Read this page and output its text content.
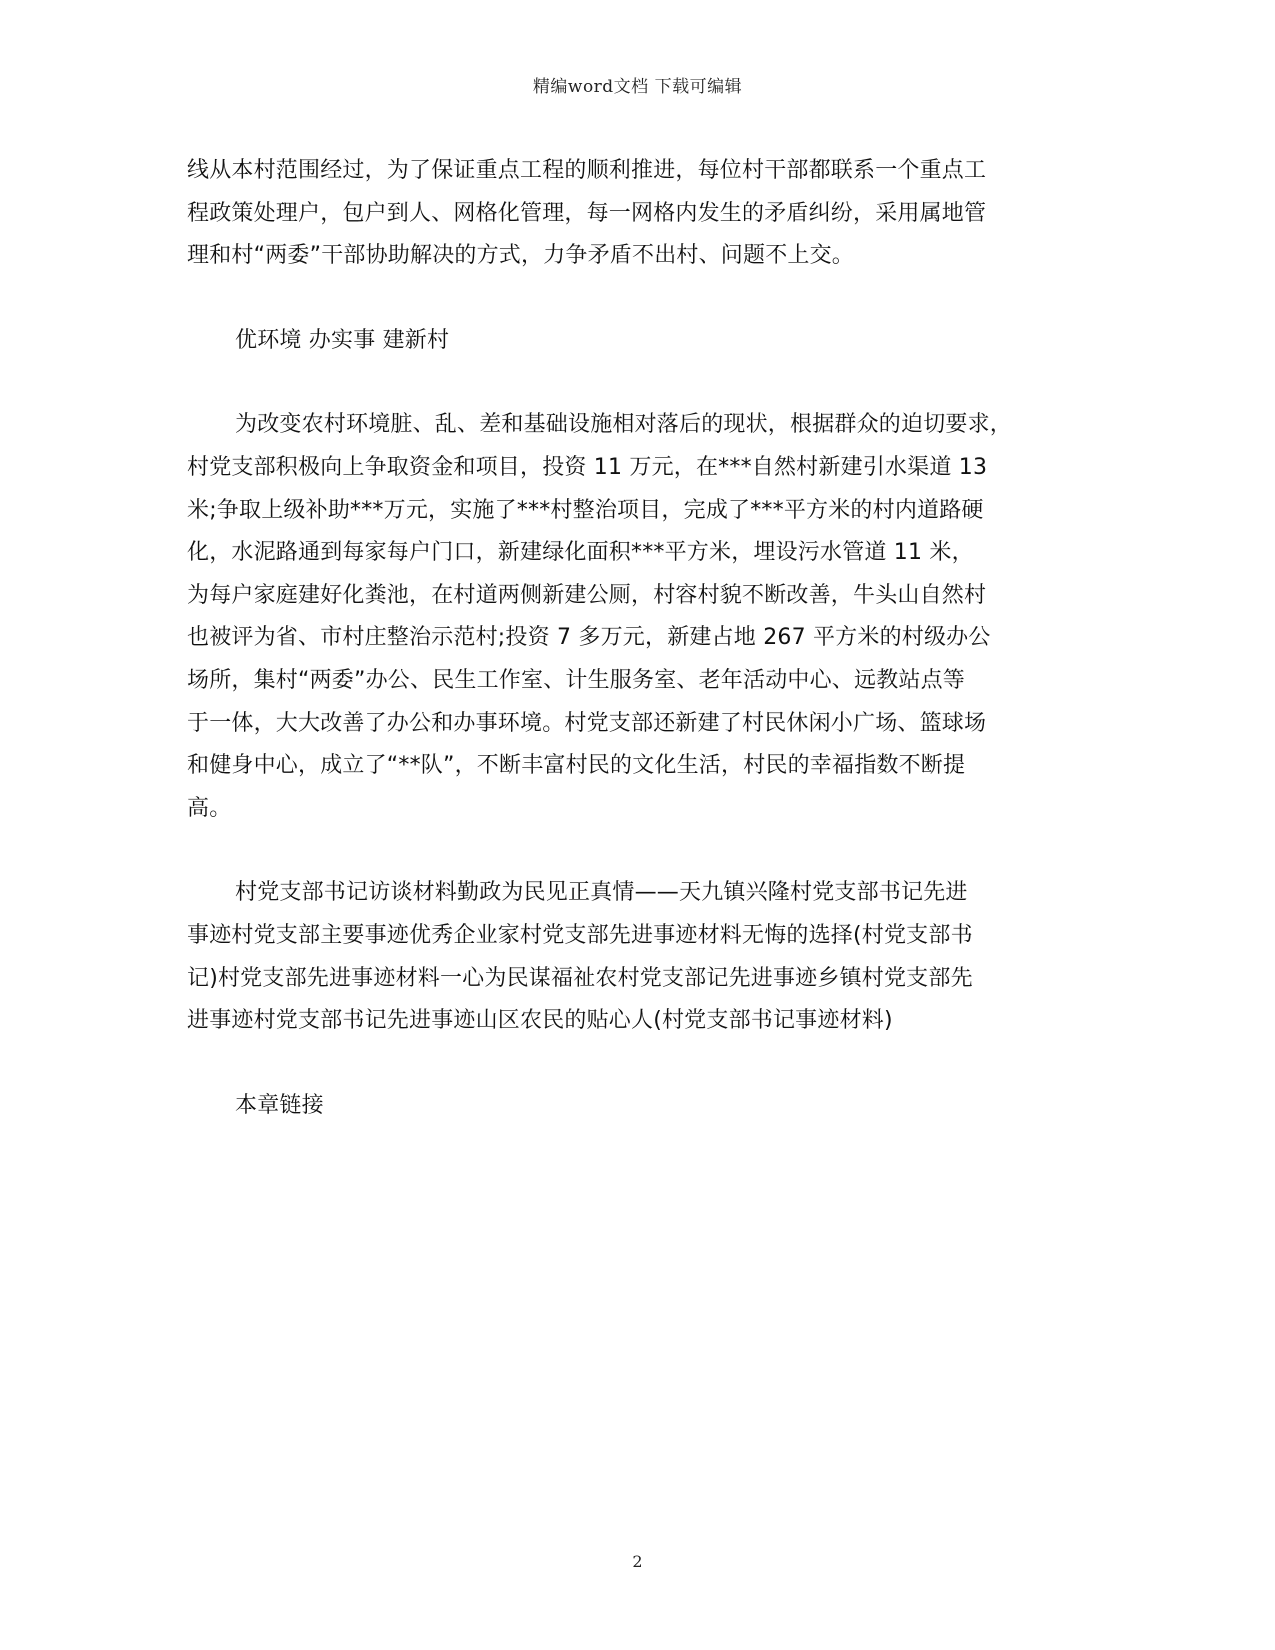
精编word文档 下载可编辑

线从本村范围经过，为了保证重点工程的顺利推进，每位村干部都联系一个重点工
程政策处理户，包户到人、网格化管理，每一网格内发生的矛盾纠纷，采用属地管
理和村“两委”干部协助解决的方式，力争矛盾不出村、问题不上交。

优环境 办实事 建新村

为改变农村环境脏、乱、差和基础设施相对落后的现状，根据群众的迫切要求，
村党支部积极向上争取资金和项目，投资 11 万元，在***自然村新建引水渠道 13
米;争取上级补助***万元，实施了***村整治项目，完成了***平方米的村内道路硬
化，水泥路通到每家每户门口，新建绿化面积***平方米，埋设污水管道 11 米，
为每户家庭建好化粪池，在村道两侧新建公厕，村容村貌不断改善，牛头山自然村
也被评为省、市村庄整治示范村;投资 7 多万元，新建占地 267 平方米的村级办公
场所，集村“两委”办公、民生工作室、计生服务室、老年活动中心、远教站点等
于一体，大大改善了办公和办事环境。村党支部还新建了村民休闲小广场、篮球场
和健身中心，成立了“**队”，不断丰富村民的文化生活，村民的幸福指数不断提
高。

村党支部书记访谈材料勤政为民见正真情——天九镇兴隆村党支部书记先进
事迹村党支部主要事迹优秀企业家村党支部先进事迹材料无悔的选择(村党支部书
记)村党支部先进事迹材料一心为民谋福祉农村党支部记先进事迹乡镇村党支部先
进事迹村党支部书记先进事迹山区农民的贴心人(村党支部书记事迹材料)

本章链接

2
